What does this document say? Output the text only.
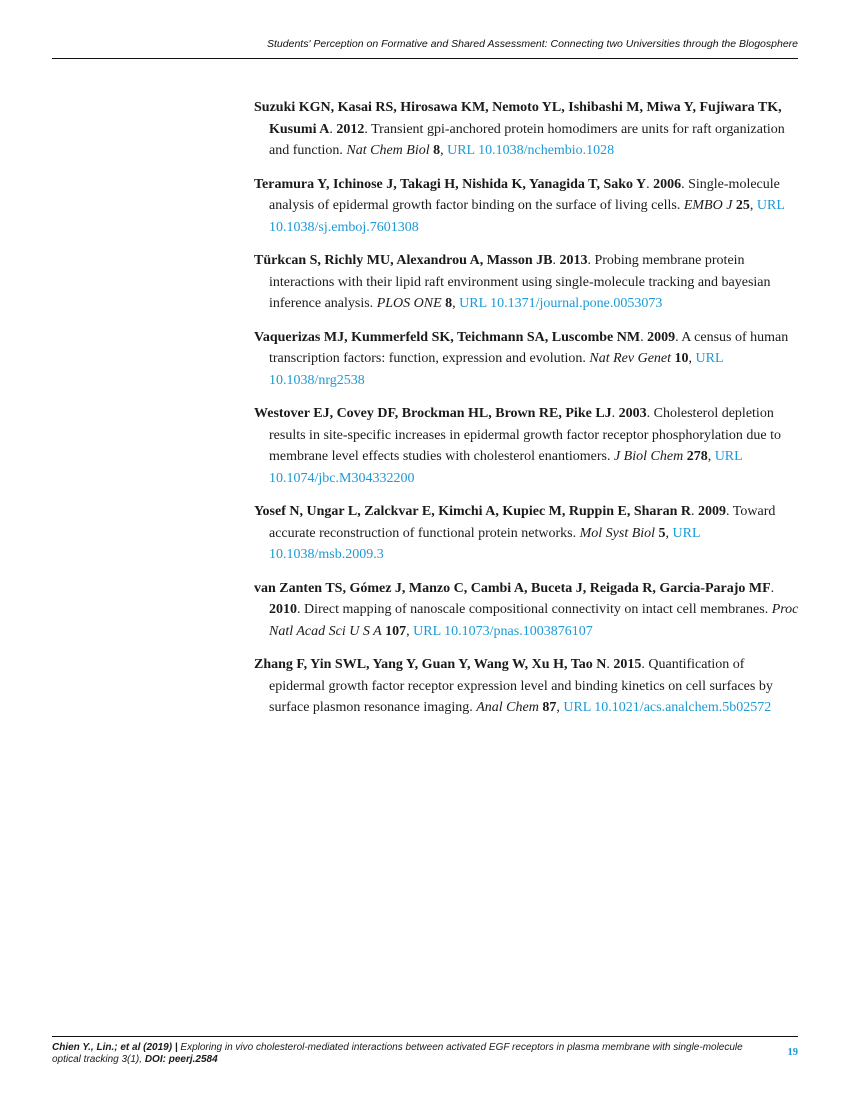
Students' Perception on Formative and Shared Assessment: Connecting two Universities through the Blogosphere

Suzuki KGN, Kasai RS, Hirosawa KM, Nemoto YL, Ishibashi M, Miwa Y, Fujiwara TK, Kusumi A. 2012. Transient gpi-anchored protein homodimers are units for raft organization and function. Nat Chem Biol 8, URL 10.1038/nchembio.1028

Teramura Y, Ichinose J, Takagi H, Nishida K, Yanagida T, Sako Y. 2006. Single-molecule analysis of epidermal growth factor binding on the surface of living cells. EMBO J 25, URL 10.1038/sj.emboj.7601308

Türkcan S, Richly MU, Alexandrou A, Masson JB. 2013. Probing membrane protein interactions with their lipid raft environment using single-molecule tracking and bayesian inference analysis. PLOS ONE 8, URL 10.1371/journal.pone.0053073

Vaquerizas MJ, Kummerfeld SK, Teichmann SA, Luscombe NM. 2009. A census of human transcription factors: function, expression and evolution. Nat Rev Genet 10, URL 10.1038/nrg2538

Westover EJ, Covey DF, Brockman HL, Brown RE, Pike LJ. 2003. Cholesterol depletion results in site-specific increases in epidermal growth factor receptor phosphorylation due to membrane level effects studies with cholesterol enantiomers. J Biol Chem 278, URL 10.1074/jbc.M304332200

Yosef N, Ungar L, Zalckvar E, Kimchi A, Kupiec M, Ruppin E, Sharan R. 2009. Toward accurate reconstruction of functional protein networks. Mol Syst Biol 5, URL 10.1038/msb.2009.3

van Zanten TS, Gómez J, Manzo C, Cambi A, Buceta J, Reigada R, Garcia-Parajo MF. 2010. Direct mapping of nanoscale compositional connectivity on intact cell membranes. Proc Natl Acad Sci U S A 107, URL 10.1073/pnas.1003876107

Zhang F, Yin SWL, Yang Y, Guan Y, Wang W, Xu H, Tao N. 2015. Quantification of epidermal growth factor receptor expression level and binding kinetics on cell surfaces by surface plasmon resonance imaging. Anal Chem 87, URL 10.1021/acs.analchem.5b02572

Chien Y., Lin.; et al (2019) | Exploring in vivo cholesterol-mediated interactions between activated EGF receptors in plasma membrane with single-molecule optical tracking 3(1), DOI: peerj.2584
19
